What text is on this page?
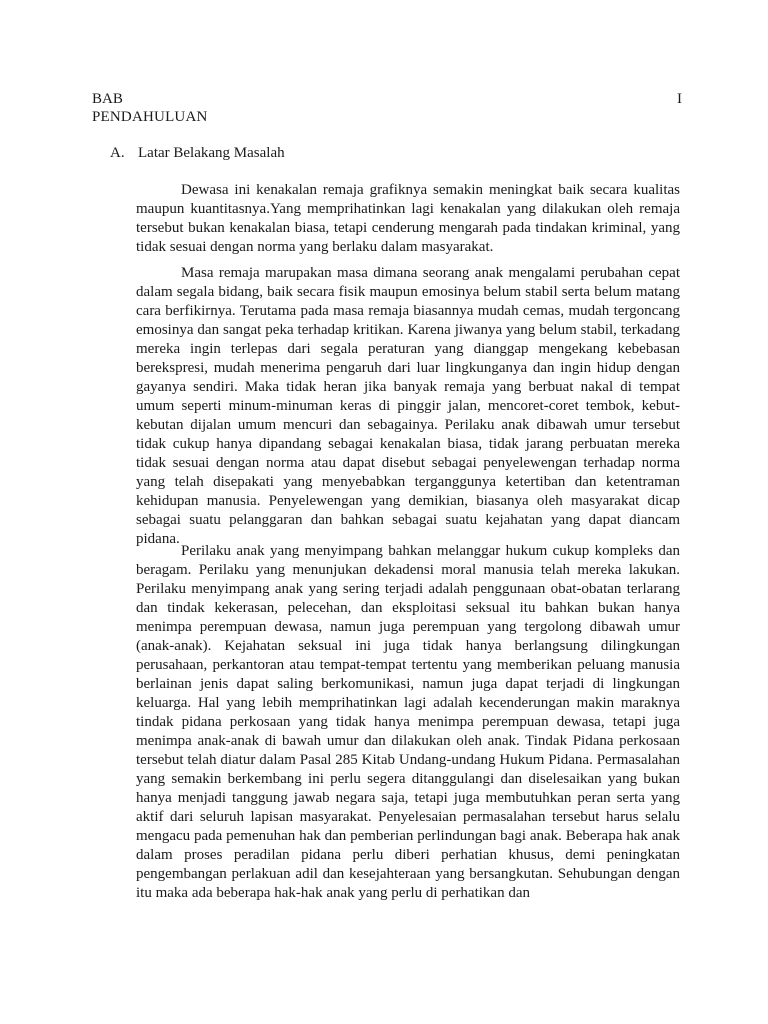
BAB	I
PENDAHULUAN
A. Latar Belakang Masalah

Dewasa ini kenakalan remaja grafiknya semakin meningkat baik secara kualitas maupun kuantitasnya.Yang memprihatinkan lagi kenakalan yang dilakukan oleh remaja tersebut bukan kenakalan biasa, tetapi cenderung mengarah pada tindakan kriminal, yang tidak sesuai dengan norma yang berlaku dalam masyarakat.

Masa remaja marupakan masa dimana seorang anak mengalami perubahan cepat dalam segala bidang, baik secara fisik maupun emosinya belum stabil serta belum matang cara berfikirnya. Terutama pada masa remaja biasannya mudah cemas, mudah tergoncang emosinya dan sangat peka terhadap kritikan. Karena jiwanya yang belum stabil, terkadang mereka ingin terlepas dari segala peraturan yang dianggap mengekang kebebasan berekspresi, mudah menerima pengaruh dari luar lingkunganya dan ingin hidup dengan gayanya sendiri. Maka tidak heran jika banyak remaja yang berbuat nakal di tempat umum seperti minum-minuman keras di pinggir jalan, mencoret-coret tembok, kebut-kebutan dijalan umum mencuri dan sebagainya. Perilaku anak dibawah umur tersebut tidak cukup hanya dipandang sebagai kenakalan biasa, tidak jarang perbuatan mereka tidak sesuai dengan norma atau dapat disebut sebagai penyelewengan terhadap norma yang telah disepakati yang menyebabkan terganggunya ketertiban dan ketentraman kehidupan manusia. Penyelewengan yang demikian, biasanya oleh masyarakat dicap sebagai suatu pelanggaran dan bahkan sebagai suatu kejahatan yang dapat diancam pidana.

Perilaku anak yang menyimpang bahkan melanggar hukum cukup kompleks dan beragam. Perilaku yang menunjukan dekadensi moral manusia telah mereka lakukan. Perilaku menyimpang anak yang sering terjadi adalah penggunaan obat-obatan terlarang dan tindak kekerasan, pelecehan, dan eksploitasi seksual itu bahkan bukan hanya menimpa perempuan dewasa, namun juga perempuan yang tergolong dibawah umur (anak-anak). Kejahatan seksual ini juga tidak hanya berlangsung dilingkungan perusahaan, perkantoran atau tempat-tempat tertentu yang memberikan peluang manusia berlainan jenis dapat saling berkomunikasi, namun juga dapat terjadi di lingkungan keluarga. Hal yang lebih memprihatinkan lagi adalah kecenderungan makin maraknya tindak pidana perkosaan yang tidak hanya menimpa perempuan dewasa, tetapi juga menimpa anak-anak di bawah umur dan dilakukan oleh anak. Tindak Pidana perkosaan tersebut telah diatur dalam Pasal 285 Kitab Undang-undang Hukum Pidana. Permasalahan yang semakin berkembang ini perlu segera ditanggulangi dan diselesaikan yang bukan hanya menjadi tanggung jawab negara saja, tetapi juga membutuhkan peran serta yang aktif dari seluruh lapisan masyarakat. Penyelesaian permasalahan tersebut harus selalu mengacu pada pemenuhan hak dan pemberian perlindungan bagi anak. Beberapa hak anak dalam proses peradilan pidana perlu diberi perhatian khusus, demi peningkatan pengembangan perlakuan adil dan kesejahteraan yang bersangkutan. Sehubungan dengan itu maka ada beberapa hak-hak anak yang perlu di perhatikan dan
